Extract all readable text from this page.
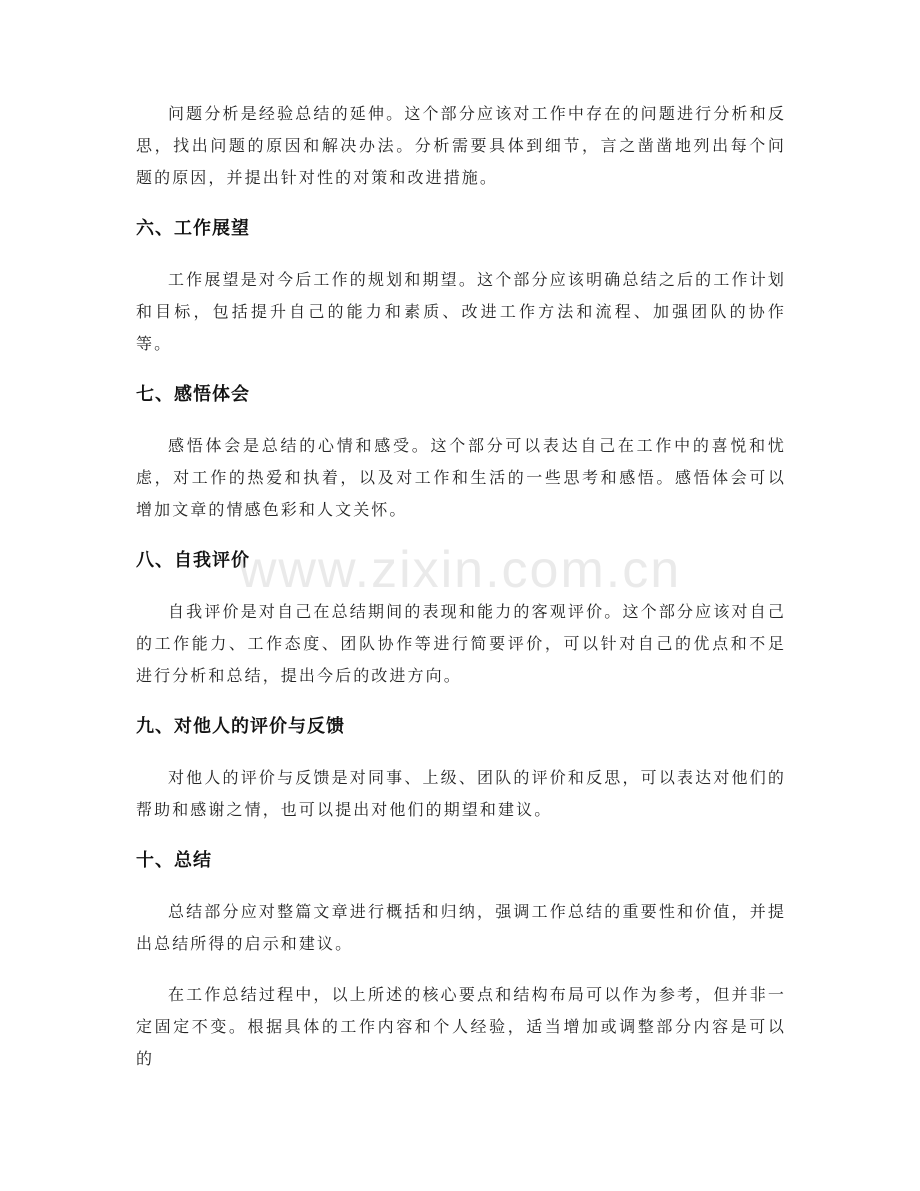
问题分析是经验总结的延伸。这个部分应该对工作中存在的问题进行分析和反思，找出问题的原因和解决办法。分析需要具体到细节，言之凿凿地列出每个问题的原因，并提出针对性的对策和改进措施。

六、工作展望

工作展望是对今后工作的规划和期望。这个部分应该明确总结之后的工作计划和目标，包括提升自己的能力和素质、改进工作方法和流程、加强团队的协作等。

七、感悟体会

感悟体会是总结的心情和感受。这个部分可以表达自己在工作中的喜悦和忧虑，对工作的热爱和执着，以及对工作和生活的一些思考和感悟。感悟体会可以增加文章的情感色彩和人文关怀。

八、自我评价

自我评价是对自己在总结期间的表现和能力的客观评价。这个部分应该对自己的工作能力、工作态度、团队协作等进行简要评价，可以针对自己的优点和不足进行分析和总结，提出今后的改进方向。

九、对他人的评价与反馈

对他人的评价与反馈是对同事、上级、团队的评价和反思，可以表达对他们的帮助和感谢之情，也可以提出对他们的期望和建议。

十、总结

总结部分应对整篇文章进行概括和归纳，强调工作总结的重要性和价值，并提出总结所得的启示和建议。

在工作总结过程中，以上所述的核心要点和结构布局可以作为参考，但并非一定固定不变。根据具体的工作内容和个人经验，适当增加或调整部分内容是可以的

www.zixin.com.cn
